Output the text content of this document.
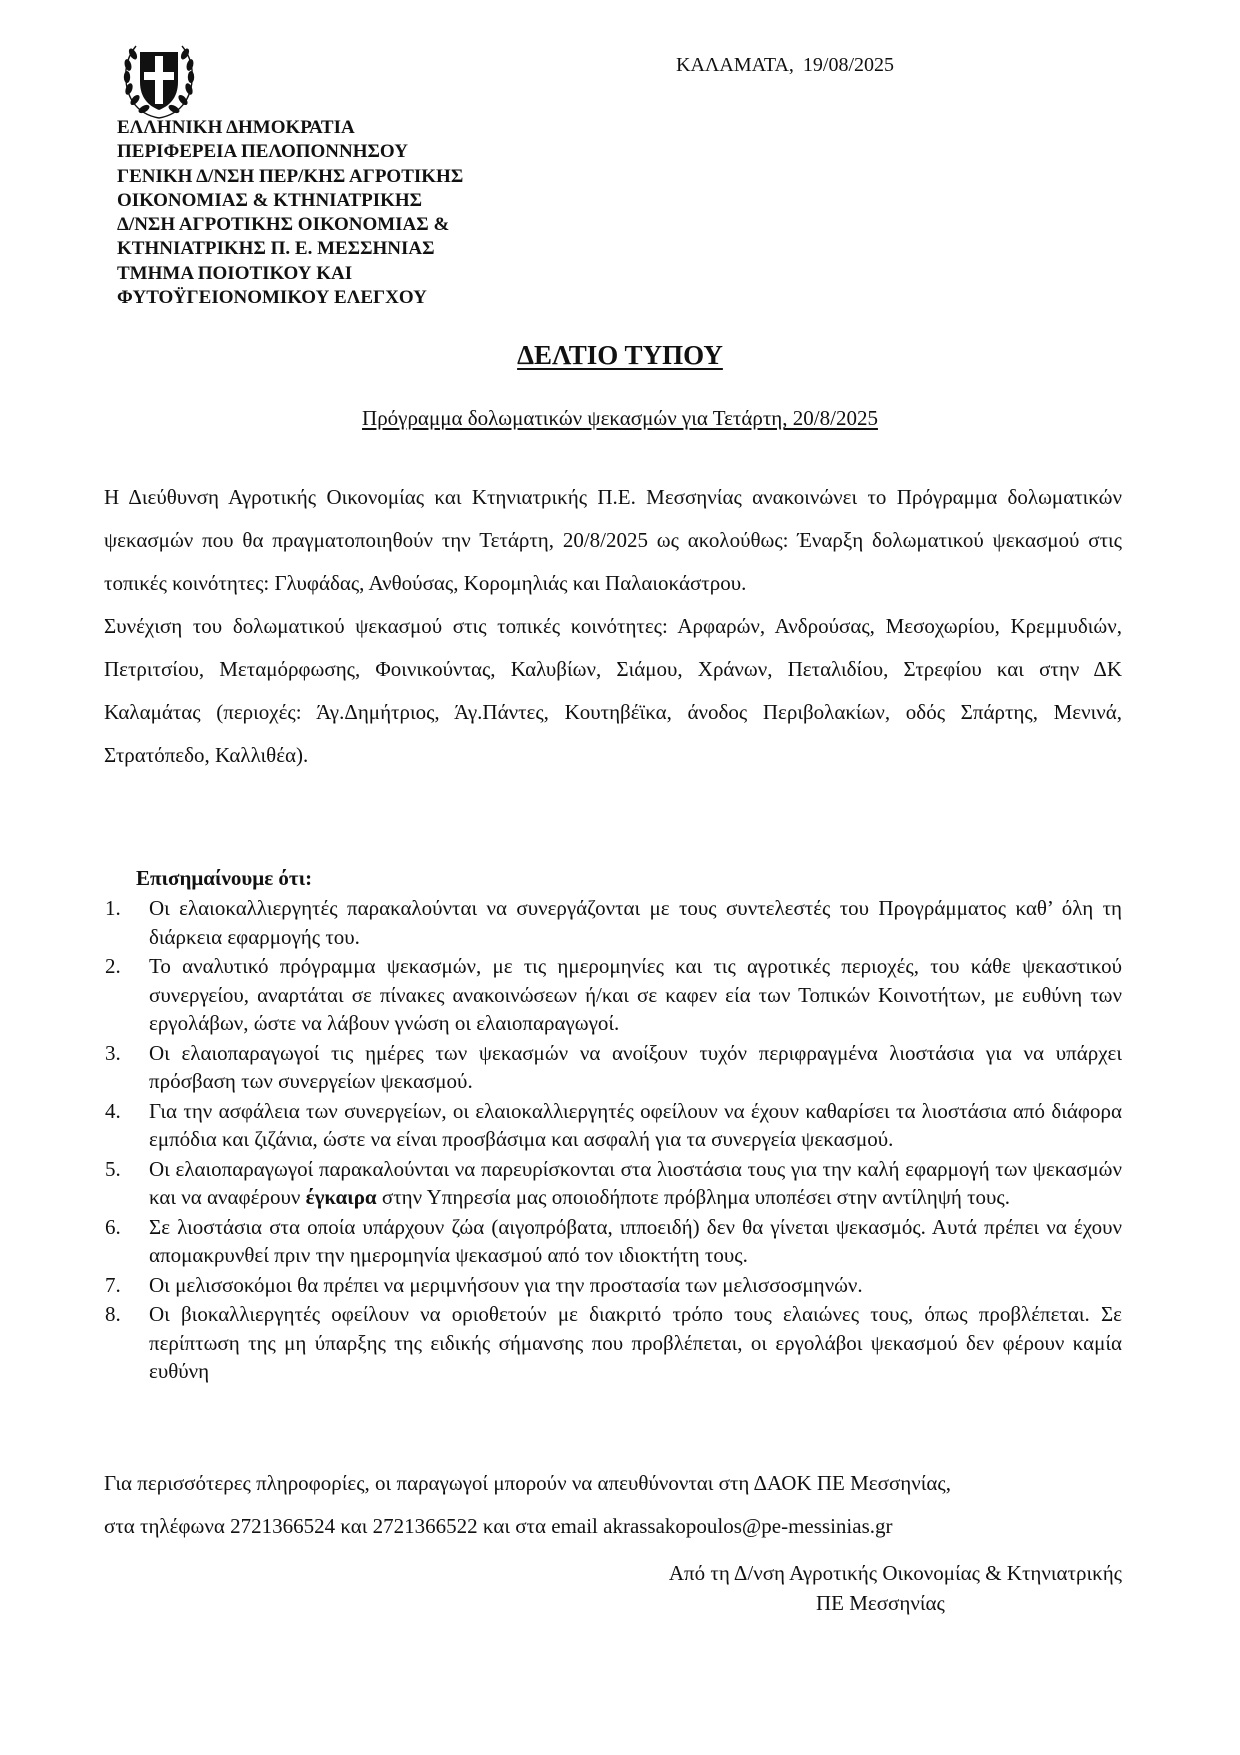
ΚΑΛΑΜΑΤΑ, 19/08/2025
ΕΛΛΗΝΙΚΗ ΔΗΜΟΚΡΑΤΙΑ
ΠΕΡΙΦΕΡΕΙΑ ΠΕΛΟΠΟΝΝΗΣΟΥ
ΓΕΝΙΚΗ Δ/ΝΣΗ ΠΕΡ/ΚΗΣ ΑΓΡΟΤΙΚΗΣ
ΟΙΚΟΝΟΜΙΑΣ & ΚΤΗΝΙΑΤΡΙΚΗΣ
Δ/ΝΣΗ ΑΓΡΟΤΙΚΗΣ ΟΙΚΟΝΟΜΙΑΣ &
ΚΤΗΝΙΑΤΡΙΚΗΣ Π. Ε. ΜΕΣΣΗΝΙΑΣ
ΤΜΗΜΑ ΠΟΙΟΤΙΚΟΥ ΚΑΙ
ΦΥΤΟΫΓΕΙΟΝΟΜΙΚΟΥ ΕΛΕΓΧΟΥ
ΔΕΛΤΙΟ ΤΥΠΟΥ
Πρόγραμμα δολωματικών ψεκασμών για Τετάρτη, 20/8/2025

Η Διεύθυνση Αγροτικής Οικονομίας και Κτηνιατρικής Π.Ε. Μεσσηνίας ανακοινώνει το Πρόγραμμα δολωματικών ψεκασμών που θα πραγματοποιηθούν την Τετάρτη, 20/8/2025 ως ακολούθως: Έναρξη δολωματικού ψεκασμού στις τοπικές κοινότητες: Γλυφάδας, Ανθούσας, Κορομηλιάς και Παλαιοκάστρου.

Συνέχιση του δολωματικού ψεκασμού στις τοπικές κοινότητες: Αρφαρών, Ανδρούσας, Μεσοχωρίου, Κρεμμυδιών, Πετριτσίου, Μεταμόρφωσης, Φοινικούντας, Καλυβίων, Σιάμου, Χράνων, Πεταλιδίου, Στρεφίου και στην ΔΚ Καλαμάτας (περιοχές: Άγ.Δημήτριος, Άγ.Πάντες, Κουτηβέϊκα, άνοδος Περιβολακίων, οδός Σπάρτης, Μενινά, Στρατόπεδο, Καλλιθέα).

Επισημαίνουμε ότι:
1. Οι ελαιοκαλλιεργητές παρακαλούνται να συνεργάζονται με τους συντελεστές του Προγράμματος καθ’ όλη τη διάρκεια εφαρμογής του.
2. Το αναλυτικό πρόγραμμα ψεκασμών, με τις ημερομηνίες και τις αγροτικές περιοχές, του κάθε ψεκαστικού συνεργείου, αναρτάται σε πίνακες ανακοινώσεων ή/και σε καφεν εία των Τοπικών Κοινοτήτων, με ευθύνη των εργολάβων, ώστε να λάβουν γνώση οι ελαιοπαραγωγοί.
3. Οι ελαιοπαραγωγοί τις ημέρες των ψεκασμών να ανοίξουν τυχόν περιφραγμένα λιοστάσια για να υπάρχει πρόσβαση των συνεργείων ψεκασμού.
4. Για την ασφάλεια των συνεργείων, οι ελαιοκαλλιεργητές οφείλουν να έχουν καθαρίσει τα λιοστάσια από διάφορα εμπόδια και ζιζάνια, ώστε να είναι προσβάσιμα και ασφαλή για τα συνεργεία ψεκασμού.
5. Οι ελαιοπαραγωγοί παρακαλούνται να παρευρίσκονται στα λιοστάσια τους για την καλή εφαρμογή των ψεκασμών και να αναφέρουν έγκαιρα στην Υπηρεσία μας οποιοδήποτε πρόβλημα υποπέσει στην αντίληψή τους.
6. Σε λιοστάσια στα οποία υπάρχουν ζώα (αιγοπρόβατα, ιπποειδή) δεν θα γίνεται ψεκασμός. Αυτά πρέπει να έχουν απομακρυνθεί πριν την ημερομηνία ψεκασμού από τον ιδιοκτήτη τους.
7. Οι μελισσοκόμοι θα πρέπει να μεριμνήσουν για την προστασία των μελισσοσμηνών.
8. Οι βιοκαλλιεργητές οφείλουν να οριοθετούν με διακριτό τρόπο τους ελαιώνες τους, όπως προβλέπεται. Σε περίπτωση της μη ύπαρξης της ειδικής σήμανσης που προβλέπεται, οι εργολάβοι ψεκασμού δεν φέρουν καμία ευθύνη

Για περισσότερες πληροφορίες, οι παραγωγοί μπορούν να απευθύνονται στη ΔΑΟΚ ΠΕ Μεσσηνίας,

στα τηλέφωνα 2721366524 και 2721366522 και στα email akrassakopoulos@pe-messinias.gr

Από τη Δ/νση Αγροτικής Οικονομίας & Κτηνιατρικής
ΠΕ Μεσσηνίας
